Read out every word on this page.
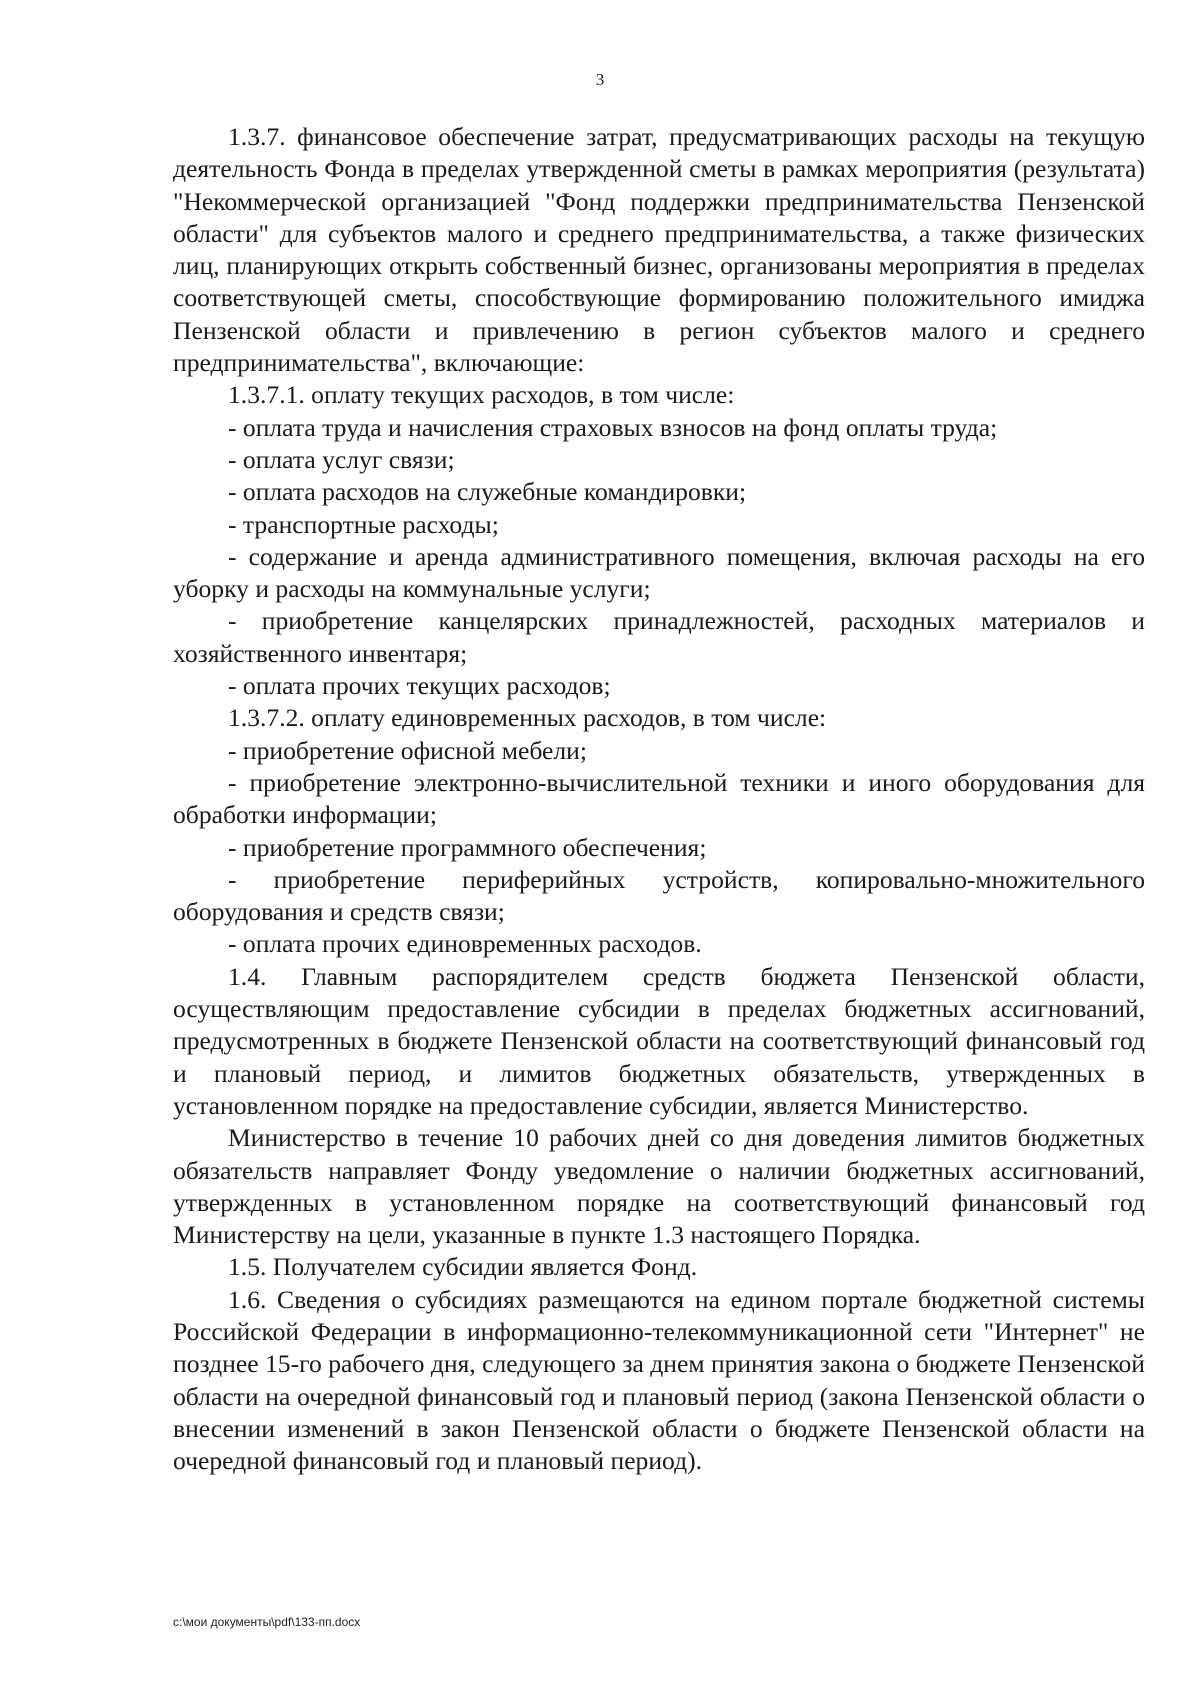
3

1.3.7. финансовое обеспечение затрат, предусматривающих расходы на текущую деятельность Фонда в пределах утвержденной сметы в рамках мероприятия (результата) "Некоммерческой организацией "Фонд поддержки предпринимательства Пензенской области" для субъектов малого и среднего предпринимательства, а также физических лиц, планирующих открыть собственный бизнес, организованы мероприятия в пределах соответствующей сметы, способствующие формированию положительного имиджа Пензенской области и привлечению в регион субъектов малого и среднего предпринимательства", включающие:

1.3.7.1. оплату текущих расходов, в том числе:

- оплата труда и начисления страховых взносов на фонд оплаты труда;

- оплата услуг связи;

- оплата расходов на служебные командировки;

- транспортные расходы;

- содержание и аренда административного помещения, включая расходы на его уборку и расходы на коммунальные услуги;

- приобретение канцелярских принадлежностей, расходных материалов и хозяйственного инвентаря;

- оплата прочих текущих расходов;

1.3.7.2. оплату единовременных расходов, в том числе:

- приобретение офисной мебели;

- приобретение электронно-вычислительной техники и иного оборудования для обработки информации;

- приобретение программного обеспечения;

- приобретение периферийных устройств, копировально-множительного оборудования и средств связи;

- оплата прочих единовременных расходов.

1.4. Главным распорядителем средств бюджета Пензенской области, осуществляющим предоставление субсидии в пределах бюджетных ассигнований, предусмотренных в бюджете Пензенской области на соответствующий финансовый год и плановый период, и лимитов бюджетных обязательств, утвержденных в установленном порядке на предоставление субсидии, является Министерство.

Министерство в течение 10 рабочих дней со дня доведения лимитов бюджетных обязательств направляет Фонду уведомление о наличии бюджетных ассигнований, утвержденных в установленном порядке на соответствующий финансовый год Министерству на цели, указанные в пункте 1.3 настоящего Порядка.

1.5. Получателем субсидии является Фонд.

1.6. Сведения о субсидиях размещаются на едином портале бюджетной системы Российской Федерации в информационно-телекоммуникационной сети "Интернет" не позднее 15-го рабочего дня, следующего за днем принятия закона о бюджете Пензенской области на очередной финансовый год и плановый период (закона Пензенской области о внесении изменений в закон Пензенской области о бюджете Пензенской области на очередной финансовый год и плановый период).

c:\мои документы\pdf\133-пп.docx
